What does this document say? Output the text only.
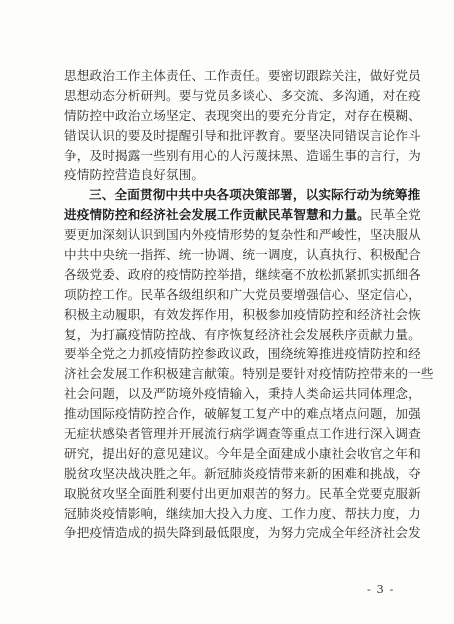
思想政治工作主体责任、工作责任。要密切跟踪关注，做好党员
思想动态分析研判。要与党员多谈心、多交流、多沟通，对在疫
情防控中政治立场坚定、表现突出的要充分肯定，对存在模糊、
错误认识的要及时提醒引导和批评教育。要坚决同错误言论作斗
争，及时揭露一些别有用心的人污蔑抹黑、造谣生事的言行，为
疫情防控营造良好氛围。
三、全面贯彻中共中央各项决策部署，以实际行动为统筹推
进疫情防控和经济社会发展工作贡献民革智慧和力量。民革全党
要更加深刻认识到国内外疫情形势的复杂性和严峻性，坚决服从
中共中央统一指挥、统一协调、统一调度，认真执行、积极配合
各级党委、政府的疫情防控举措，继续毫不放松抓紧抓实抓细各
项防控工作。民革各级组织和广大党员要增强信心、坚定信心，
积极主动履职，有效发挥作用，积极参加疫情防控和经济社会恢
复，为打赢疫情防控战、有序恢复经济社会发展秩序贡献力量。
要举全党之力抓疫情防控参政议政，围绕统筹推进疫情防控和经
济社会发展工作积极建言献策。特别是要针对疫情防控带来的一些
社会问题，以及严防境外疫情输入，秉持人类命运共同体理念，
推动国际疫情防控合作，破解复工复产中的难点堵点问题，加强
无症状感染者管理并开展流行病学调查等重点工作进行深入调查
研究，提出好的意见建议。今年是全面建成小康社会收官之年和
脱贫攻坚决战决胜之年。新冠肺炎疫情带来新的困难和挑战，夺
取脱贫攻坚全面胜利要付出更加艰苦的努力。民革全党要克服新
冠肺炎疫情影响，继续加大投入力度、工作力度、帮扶力度，力
争把疫情造成的损失降到最低限度，为努力完成全年经济社会发
- 3 -
